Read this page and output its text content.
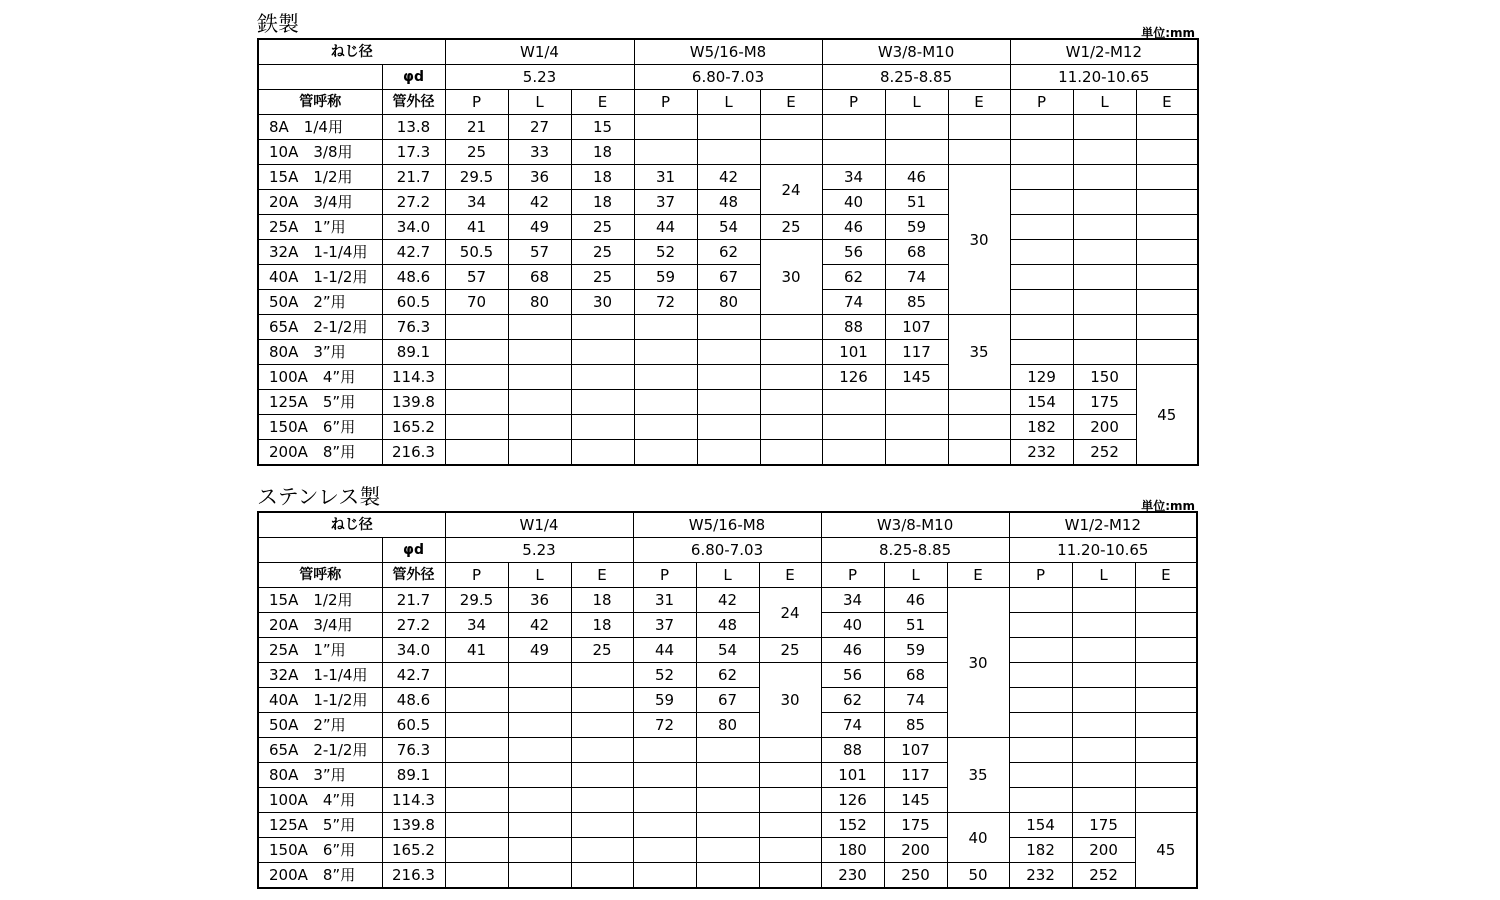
鉄製	単位:mm
ねじ径		W1/4			W5/16-M8			W3/8-M10			W1/2-M12		
	φd	5.23			6.80-7.03			8.25-8.85			11.20-10.65		
管呼称	管外径	P	L	E	P	L	E	P	L	E	P	L	E
8A　1/4用	13.8	21	27	15									
10A　3/8用	17.3	25	33	18									
15A　1/2用	21.7	29.5	36	18	31	42	24	34	46	30			
20A　3/4用	27.2	34	42	18	37	48		40	51				
25A　1”用	34.0	41	49	25	44	54	25	46	59				
32A　1-1/4用	42.7	50.5	57	25	52	62	30	56	68				
40A　1-1/2用	48.6	57	68	25	59	67		62	74				
50A　2”用	60.5	70	80	30	72	80		74	85				
65A　2-1/2用	76.3							88	107	35			
80A　3”用	89.1							101	117				
100A　4”用	114.3							126	145		129	150	45
125A　5”用	139.8										154	175	
150A　6”用	165.2										182	200	
200A　8”用	216.3										232	252	
ステンレス製	単位:mm
ねじ径		W1/4			W5/16-M8			W3/8-M10			W1/2-M12		
	φd	5.23			6.80-7.03			8.25-8.85			11.20-10.65		
管呼称	管外径	P	L	E	P	L	E	P	L	E	P	L	E
15A　1/2用	21.7	29.5	36	18	31	42	24	34	46	30			
20A　3/4用	27.2	34	42	18	37	48		40	51				
25A　1”用	34.0	41	49	25	44	54	25	46	59				
32A　1-1/4用	42.7				52	62	30	56	68				
40A　1-1/2用	48.6				59	67		62	74				
50A　2”用	60.5				72	80		74	85				
65A　2-1/2用	76.3							88	107	35			
80A　3”用	89.1							101	117				
100A　4”用	114.3							126	145				
125A　5”用	139.8							152	175	40	154	175	45
150A　6”用	165.2							180	200		182	200	
200A　8”用	216.3							230	250	50	232	252	
